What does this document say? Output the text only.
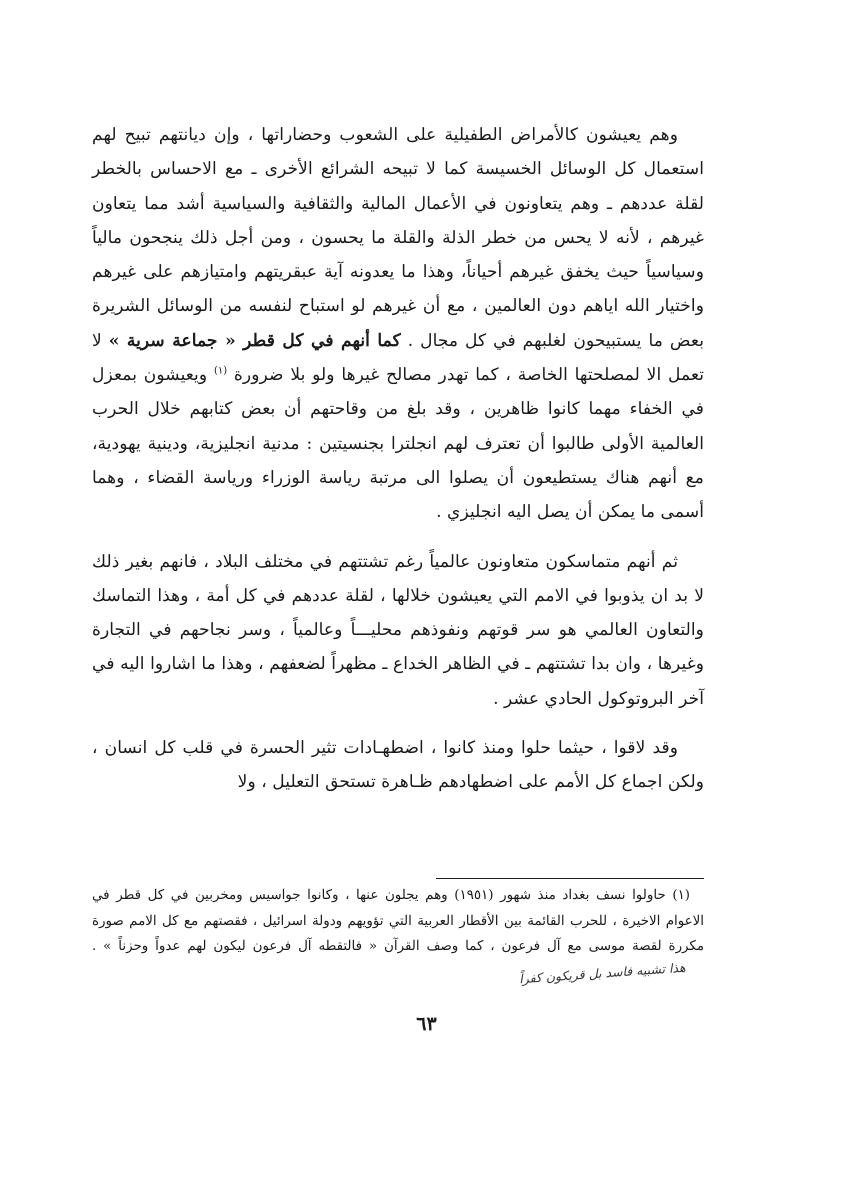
وهم يعيشون كالأمراض الطفيلية على الشعوب وحضاراتها ، وإن ديانتهم تبيح لهم استعمال كل الوسائل الخسيسة كما لا تبيحه الشرائع الأخرى ـ مع الاحساس بالخطر لقلة عددهم ـ وهم يتعاونون في الأعمال المالية والثقافية والسياسية أشد مما يتعاون غيرهم ، لأنه لا يحس من خطر الذلة والقلة ما يحسون ، ومن أجل ذلك ينجحون مالياً وسياسياً حيث يخفق غيرهم أحياناً، وهذا ما يعدونه آية عبقريتهم وامتيازهم على غيرهم واختيار الله اياهم دون العالمين ، مع أن غيرهم لو استباح لنفسه من الوسائل الشريرة بعض ما يستبيحون لغلبهم في كل مجال . كما أنهم في كل قطر « جماعة سرية » لا تعمل الا لمصلحتها الخاصة ، كما تهدر مصالح غيرها ولو بلا ضرورة $^{(١)}$ ويعيشون بمعزل في الخفاء مهما كانوا ظاهرين ، وقد بلغ من وقاحتهم أن بعض كتابهم خلال الحرب العالمية الأولى طالبوا أن تعترف لهم انجلترا بجنسيتين : مدنية انجليزية، ودينية يهودية، مع أنهم هناك يستطيعون أن يصلوا الى مرتبة رياسة الوزراء ورياسة القضاء ، وهما أسمى ما يمكن أن يصل اليه انجليزي .

ثم أنهم متماسكون متعاونون عالمياً رغم تشتتهم في مختلف البلاد ، فانهم بغير ذلك لا بد ان يذوبوا في الامم التي يعيشون خلالها ، لقلة عددهم في كل أمة ، وهذا التماسك والتعاون العالمي هو سر قوتهم ونفوذهم محليـــاً وعالمياً ، وسر نجاحهم في التجارة وغيرها ، وان بدا تشتتهم ـ في الظاهر الخداع ـ مظهراً لضعفهم ، وهذا ما اشاروا اليه في آخر البروتوكول الحادي عشر .

وقد لاقوا ، حيثما حلوا ومنذ كانوا ، اضطهـادات تثير الحسرة في قلب كل انسان ، ولكن اجماع كل الأمم على اضطهادهم ظـاهرة تستحق التعليل ، ولا

(١) حاولوا نسف بغداد منذ شهور (١٩٥١) وهم يجلون عنها ، وكانوا جواسيس ومخربين في كل قطر في الاعوام الاخيرة ، للحرب القائمة بين الأقطار العربية التي تؤويهم ودولة اسرائيل ، فقصتهم مع كل الامم صورة مكررة لقصة موسى مع آل فرعون ، كما وصف القرآن « فالتقطه آل فرعون ليكون لهم عدواً وحزناً » . هذا تشبيه فاسد بل قريكون كفراً

٦٣
